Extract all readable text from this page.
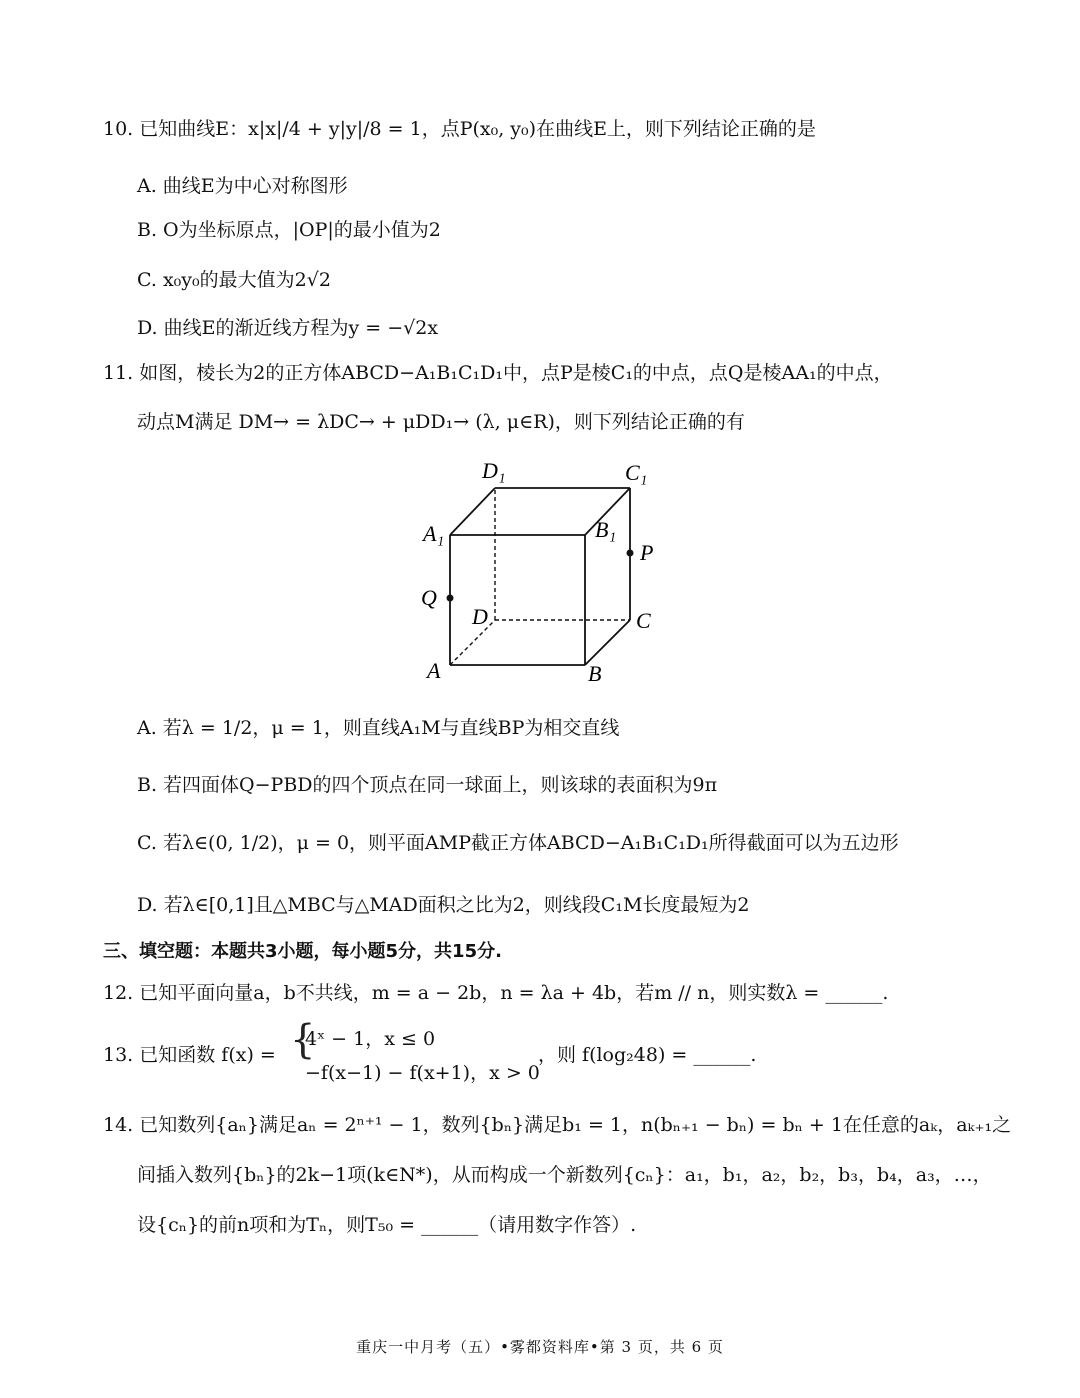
10. 已知曲线E：x|x|/4 + y|y|/8 = 1，点P(x₀, y₀)在曲线E上，则下列结论正确的是
A. 曲线E为中心对称图形
B. O为坐标原点，|OP|的最小值为2
C. x₀y₀的最大值为2√2
D. 曲线E的渐近线方程为y = −√2x
11. 如图，棱长为2的正方体ABCD−A₁B₁C₁D₁中，点P是棱C₁的中点，点Q是棱AA₁的中点，
动点M满足 DM→ = λDC→ + μDD₁→ (λ, μ∈R)，则下列结论正确的有
A	B
C
D
A₁	B₁
C₁
D₁
P
Q
A. 若λ = 1/2，μ = 1，则直线A₁M与直线BP为相交直线
B. 若四面体Q−PBD的四个顶点在同一球面上，则该球的表面积为9π
C. 若λ∈(0, 1/2)，μ = 0，则平面AMP截正方体ABCD−A₁B₁C₁D₁所得截面可以为五边形
D. 若λ∈[0,1]且△MBC与△MAD面积之比为2，则线段C₁M长度最短为2
三、填空题：本题共3小题，每小题5分，共15分.
12. 已知平面向量a，b不共线，m = a − 2b，n = λa + 4b，若m // n，则实数λ = ______.
13. 已知函数 f(x) = {
4ˣ − 1，x ≤ 0
−f(x−1) − f(x+1)，x > 0
，则 f(log₂48) = ______.
14. 已知数列{aₙ}满足aₙ = 2ⁿ⁺¹ − 1，数列{bₙ}满足b₁ = 1，n(bₙ₊₁ − bₙ) = bₙ + 1在任意的aₖ，aₖ₊₁之
间插入数列{bₙ}的2k−1项(k∈N*)，从而构成一个新数列{cₙ}：a₁，b₁，a₂，b₂，b₃，b₄，a₃，…，
设{cₙ}的前n项和为Tₙ，则T₅₀ = ______（请用数字作答）.
重庆一中月考（五）•雾都资料库•第 3 页，共 6 页
